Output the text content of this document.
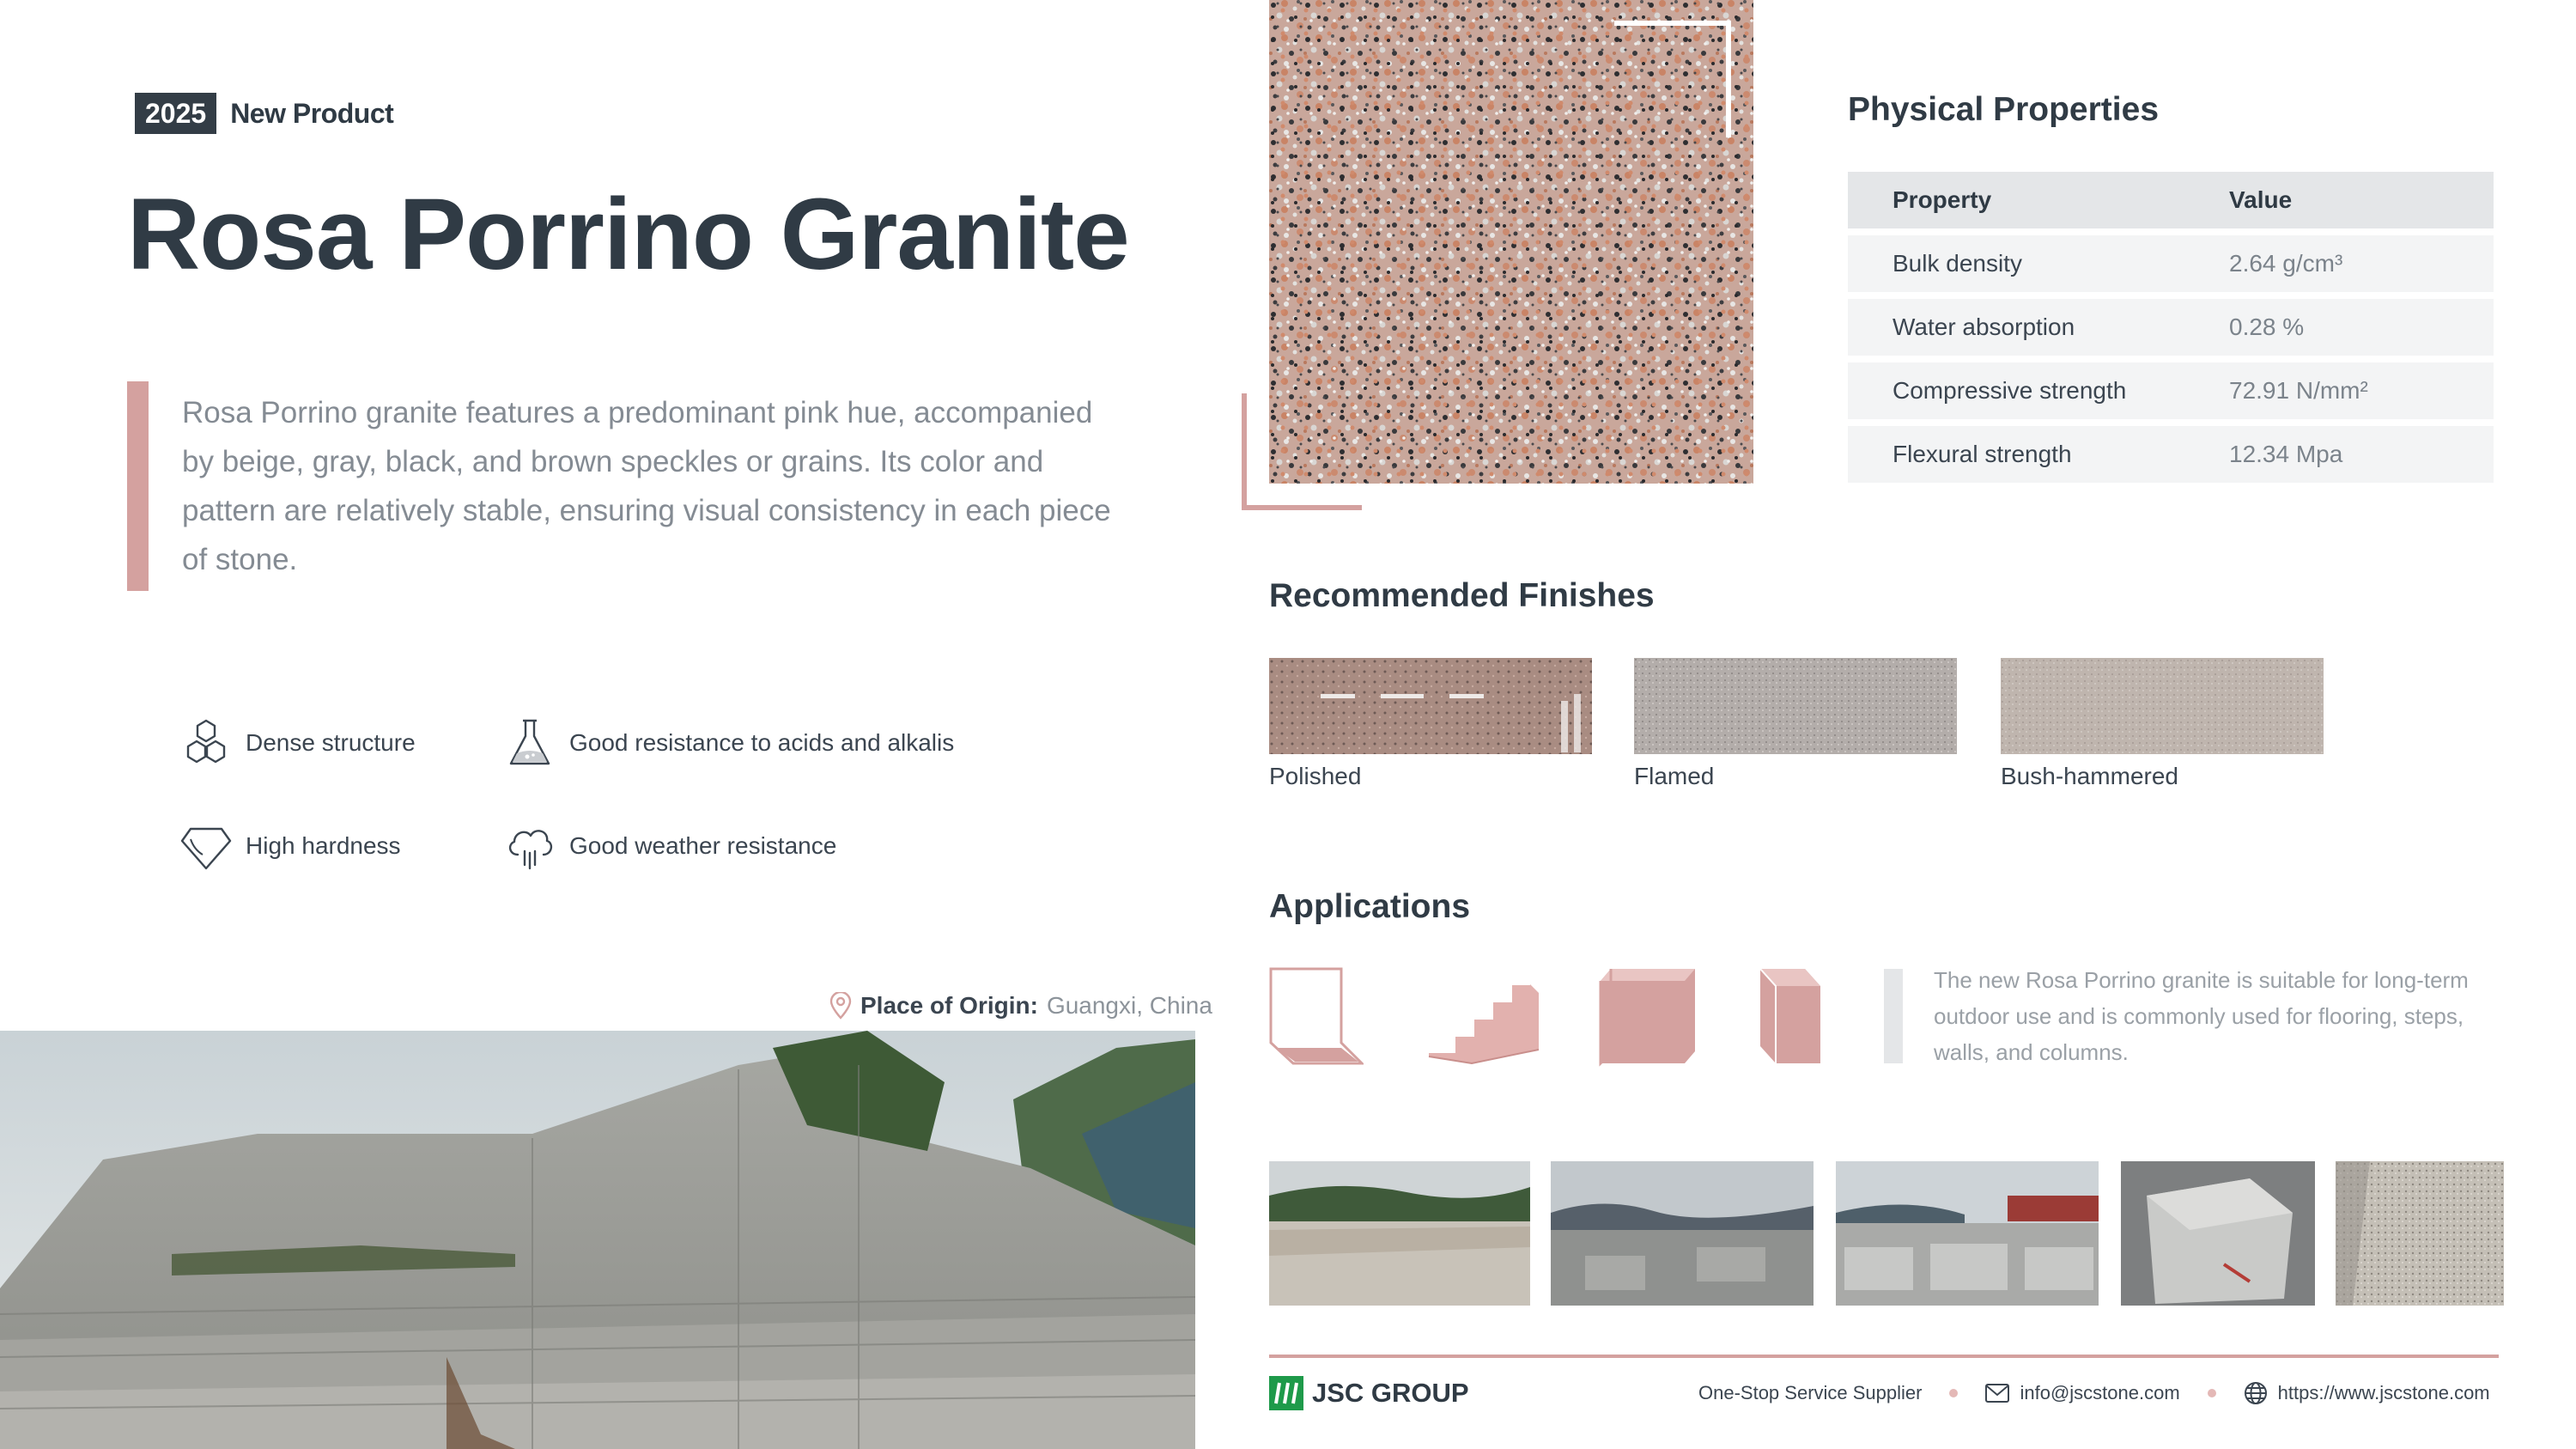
2025 New Product
Rosa Porrino Granite

Rosa Porrino granite features a predominant pink hue, accompanied by beige, gray, black, and brown speckles or grains. Its color and pattern are relatively stable, ensuring visual consistency in each piece of stone.

Dense structure	Good resistance to acids and alkalis
High hardness	Good weather resistance
Place of Origin: Guangxi, China
Physical Properties
Property	Value
Bulk density	2.64 g/cm³
Water absorption	0.28 %
Compressive strength	72.91 N/mm²
Flexural strength	12.34 Mpa
Recommended Finishes
Polished	Flamed	Bush-hammered
Applications

The new Rosa Porrino granite is suitable for long-term outdoor use and is commonly used for flooring, steps, walls, and columns.

JSC GROUP	One-Stop Service Supplier	info@jscstone.com	https://www.jscstone.com
